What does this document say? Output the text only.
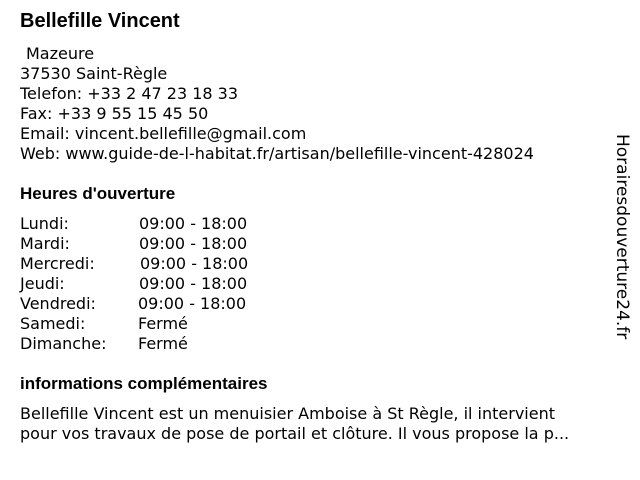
Bellefille Vincent
Mazeure
37530 Saint-Règle
Telefon: +33 2 47 23 18 33
Fax: +33 9 55 15 45 50
Email: vincent.bellefille@gmail.com
Web: www.guide-de-l-habitat.fr/artisan/bellefille-vincent-428024
Heures d'ouverture
Lundi:	09:00 - 18:00
Mardi:	09:00 - 18:00
Mercredi:	09:00 - 18:00
Jeudi:	09:00 - 18:00
Vendredi:	09:00 - 18:00
Samedi:	Fermé
Dimanche: Fermé
informations complémentaires
Bellefille Vincent est un menuisier Amboise à St Règle, il intervient
pour vos travaux de pose de portail et clôture. Il vous propose la p...
Horairesdouverture24.fr
